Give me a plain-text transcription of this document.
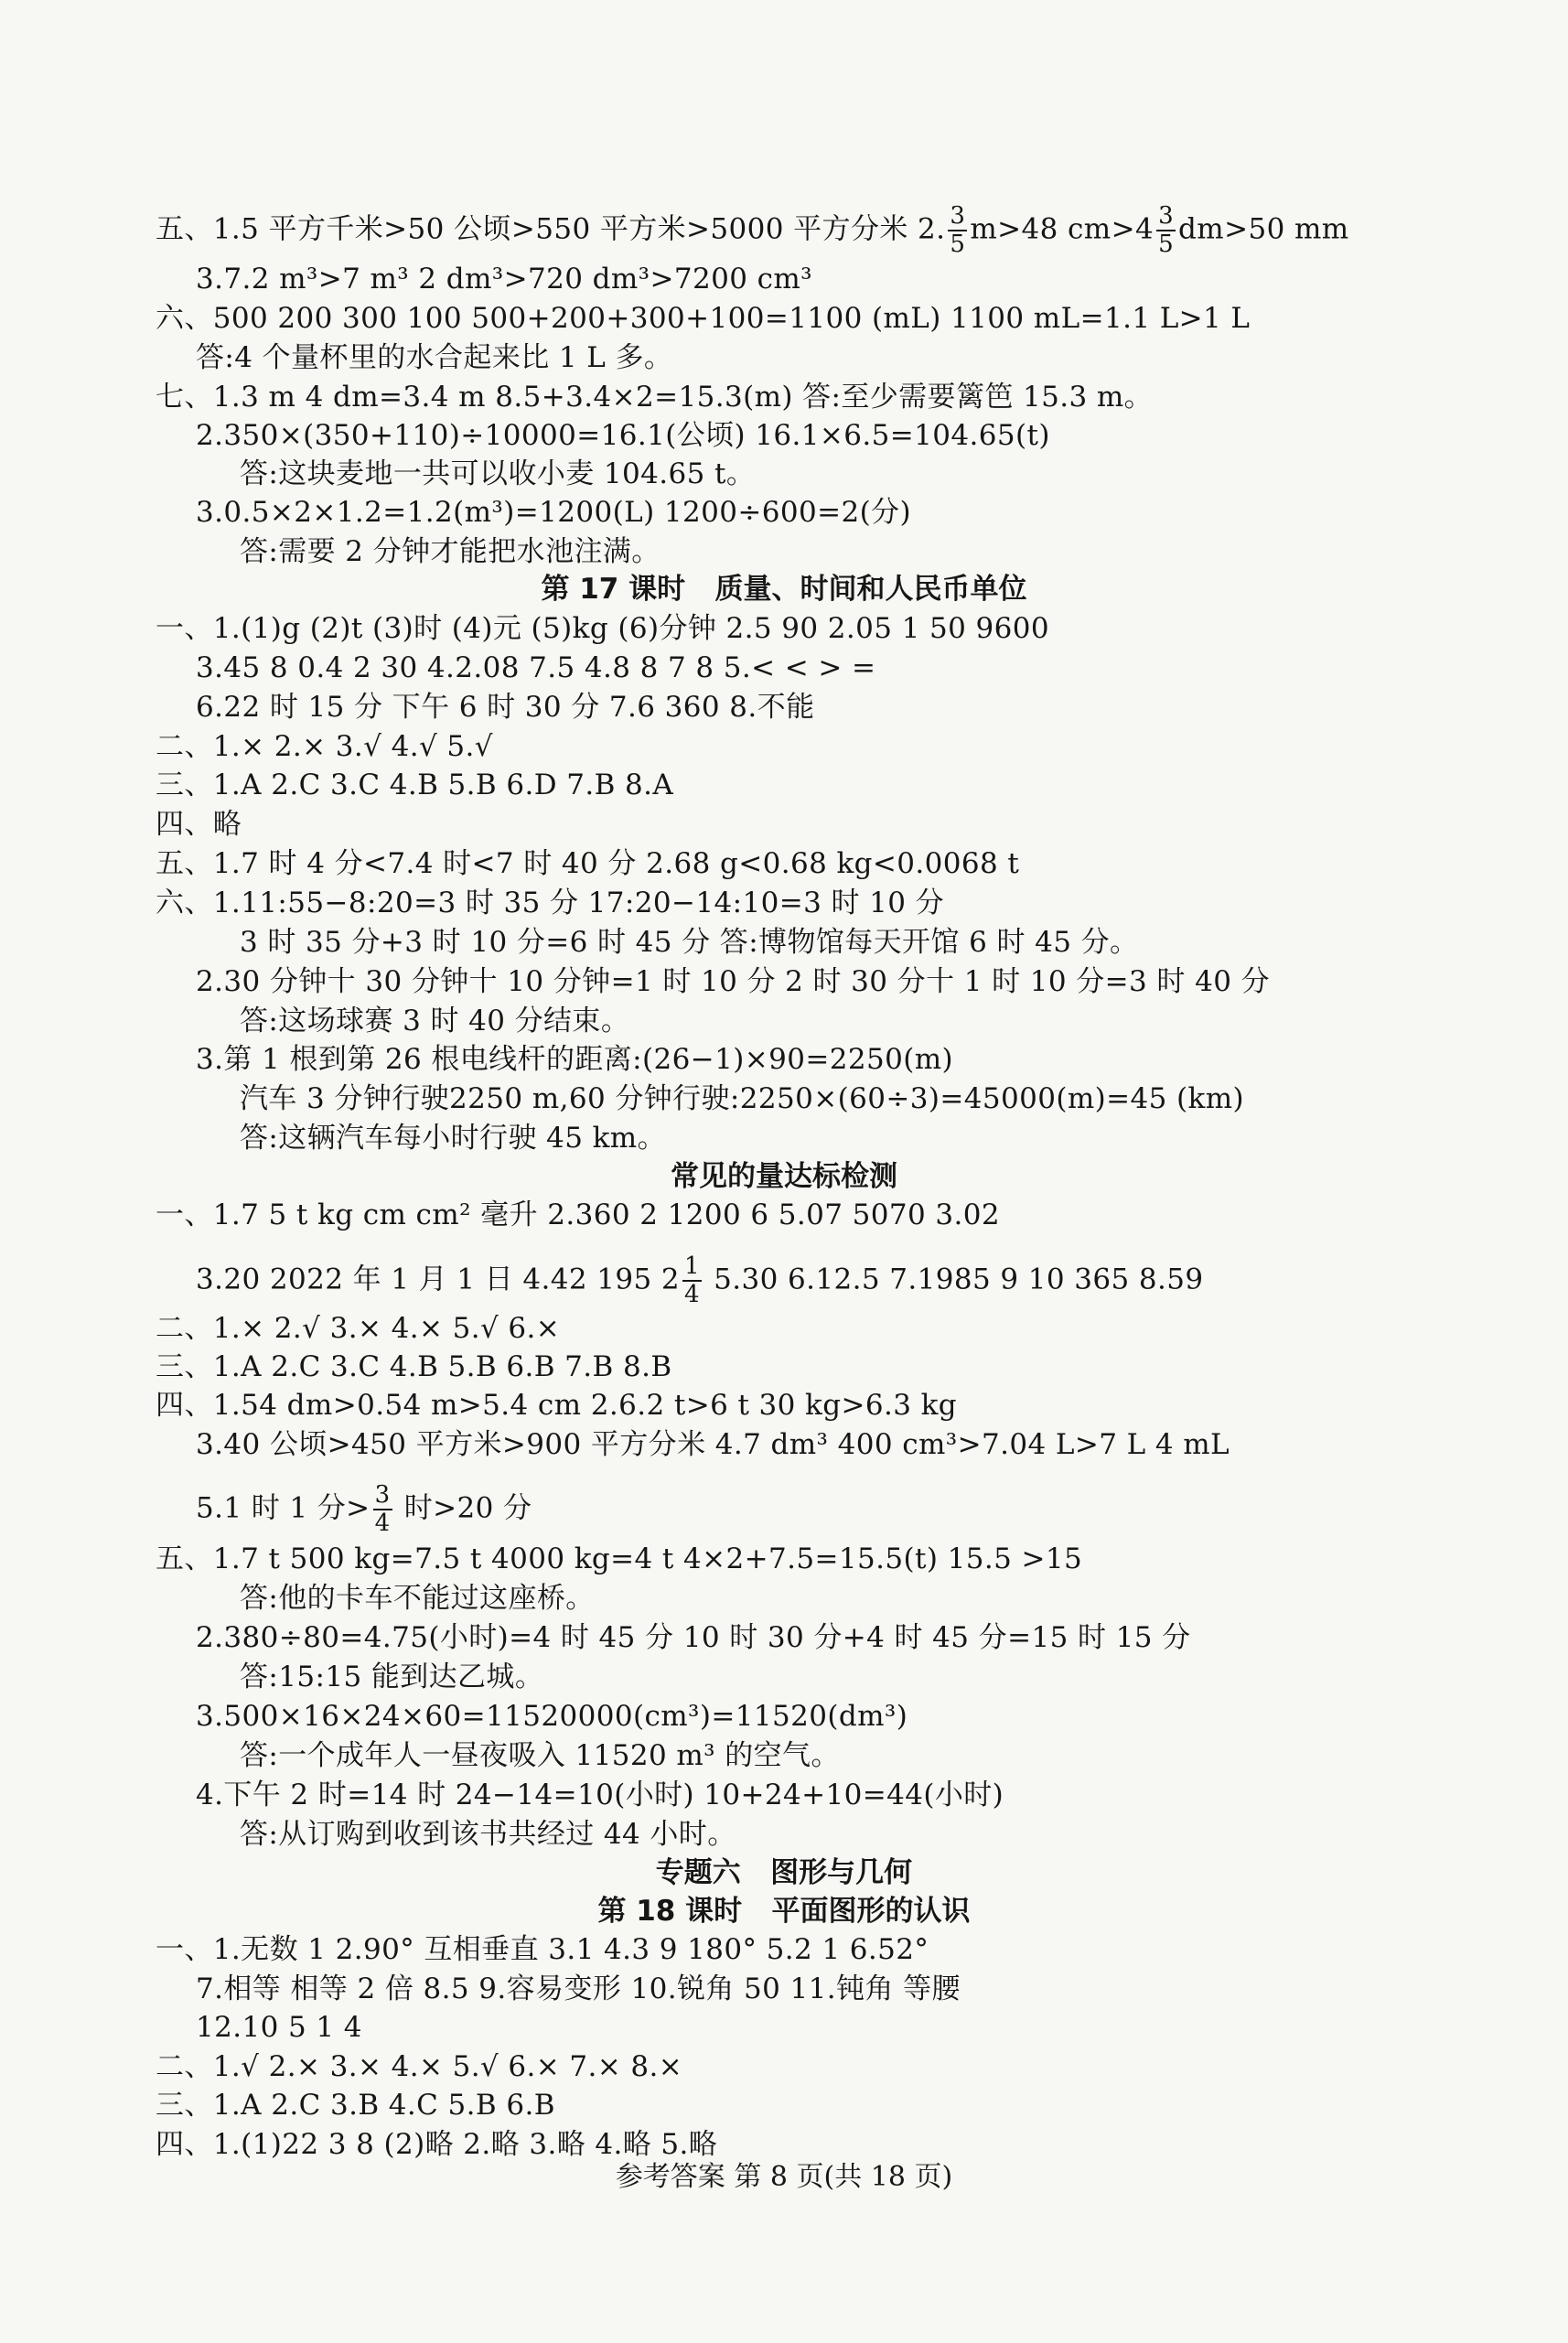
五、1.5 平方千米>50 公顷>550 平方米>5000 平方分米 2. $\frac{3}{5} m>48$ $cm>4 \frac{3}{5} dm>50$ mm
3.7.2 m³>7 m³ 2 dm³>720 dm³>7200 cm³
六、500 200 300 100 500+200+300+100=1100 (mL) 1100 mL=1.1 L>1 L
答:4 个量杯里的水合起来比 1 L 多。
七、1.3 m 4 dm=3.4 m 8.5+3.4×2=15.3(m) 答:至少需要篱笆 15.3 m。
2.350×(350+110)÷10000=16.1(公顷) 16.1×6.5=104.65(t)
答:这块麦地一共可以收小麦 104.65 t。
3.0.5×2×1.2=1.2(m³)=1200(L) 1200÷600=2(分)
答:需要 2 分钟才能把水池注满。
第 17 课时   质量、时间和人民币单位
一、1.(1)g (2)t (3)时 (4)元 (5)kg (6)分钟 2.5 90 2.05 1 50 9600
3.45 8 0.4 2 30 4.2.08 7.5 4.8 8 7 8 5.< < > =
6.22 时 15 分 下午 6 时 30 分 7.6 360 8.不能
二、1.× 2.× 3.√ 4.√ 5.√
三、1.A 2.C 3.C 4.B 5.B 6.D 7.B 8.A
四、略
五、1.7 时 4 分<7.4 时<7 时 40 分 2.68 g<0.68 kg<0.0068 t
六、1.11:55−8:20=3 时 35 分 17:20−14:10=3 时 10 分
3 时 35 分+3 时 10 分=6 时 45 分 答:博物馆每天开馆 6 时 45 分。
2.30 分钟十 30 分钟十 10 分钟=1 时 10 分 2 时 30 分十 1 时 10 分=3 时 40 分
答:这场球赛 3 时 40 分结束。
3.第 1 根到第 26 根电线杆的距离:(26−1)×90=2250(m)
汽车 3 分钟行驶2250 m,60 分钟行驶:2250×(60÷3)=45000(m)=45 (km)
答:这辆汽车每小时行驶 45 km。
常见的量达标检测
一、1.7 5 t kg cm cm² 毫升 2.360 2 1200 6 5.07 5070 3.02
3.20 2022 年 1 月 1 日 4.42 195 $2 \frac{1}{4} 5.30$ 6.12.5 7.1985 9 10 365 8.59
二、1.× 2.√ 3.× 4.× 5.√ 6.×
三、1.A 2.C 3.C 4.B 5.B 6.B 7.B 8.B
四、1.54 dm>0.54 m>5.4 cm 2.6.2 t>6 t 30 kg>6.3 kg
3.40 公顷>450 平方米>900 平方分米 4.7 dm³ 400 cm³>7.04 L>7 L 4 mL
5.1 时 1 分> $\frac{3}{4}$ 时>20 分
五、1.7 t 500 kg=7.5 t 4000 kg=4 t 4×2+7.5=15.5(t) 15.5 >15
答:他的卡车不能过这座桥。
2.380÷80=4.75(小时)=4 时 45 分 10 时 30 分+4 时 45 分=15 时 15 分
答:15:15 能到达乙城。
3.500×16×24×60=11520000(cm³)=11520(dm³)
答:一个成年人一昼夜吸入 11520 m³ 的空气。
4.下午 2 时=14 时 24−14=10(小时) 10+24+10=44(小时)
答:从订购到收到该书共经过 44 小时。
专题六   图形与几何
第 18 课时   平面图形的认识
一、1.无数 1 2.90° 互相垂直 3.1 4.3 9 180° 5.2 1 6.52°
7.相等 相等 2 倍 8.5 9.容易变形 10.锐角 50 11.钝角 等腰
12.10 5 1 4
二、1.√ 2.× 3.× 4.× 5.√ 6.× 7.× 8.×
三、1.A 2.C 3.B 4.C 5.B 6.B
四、1.(1)22 3 8 (2)略 2.略 3.略 4.略 5.略
参考答案 第 8 页(共 18 页)
